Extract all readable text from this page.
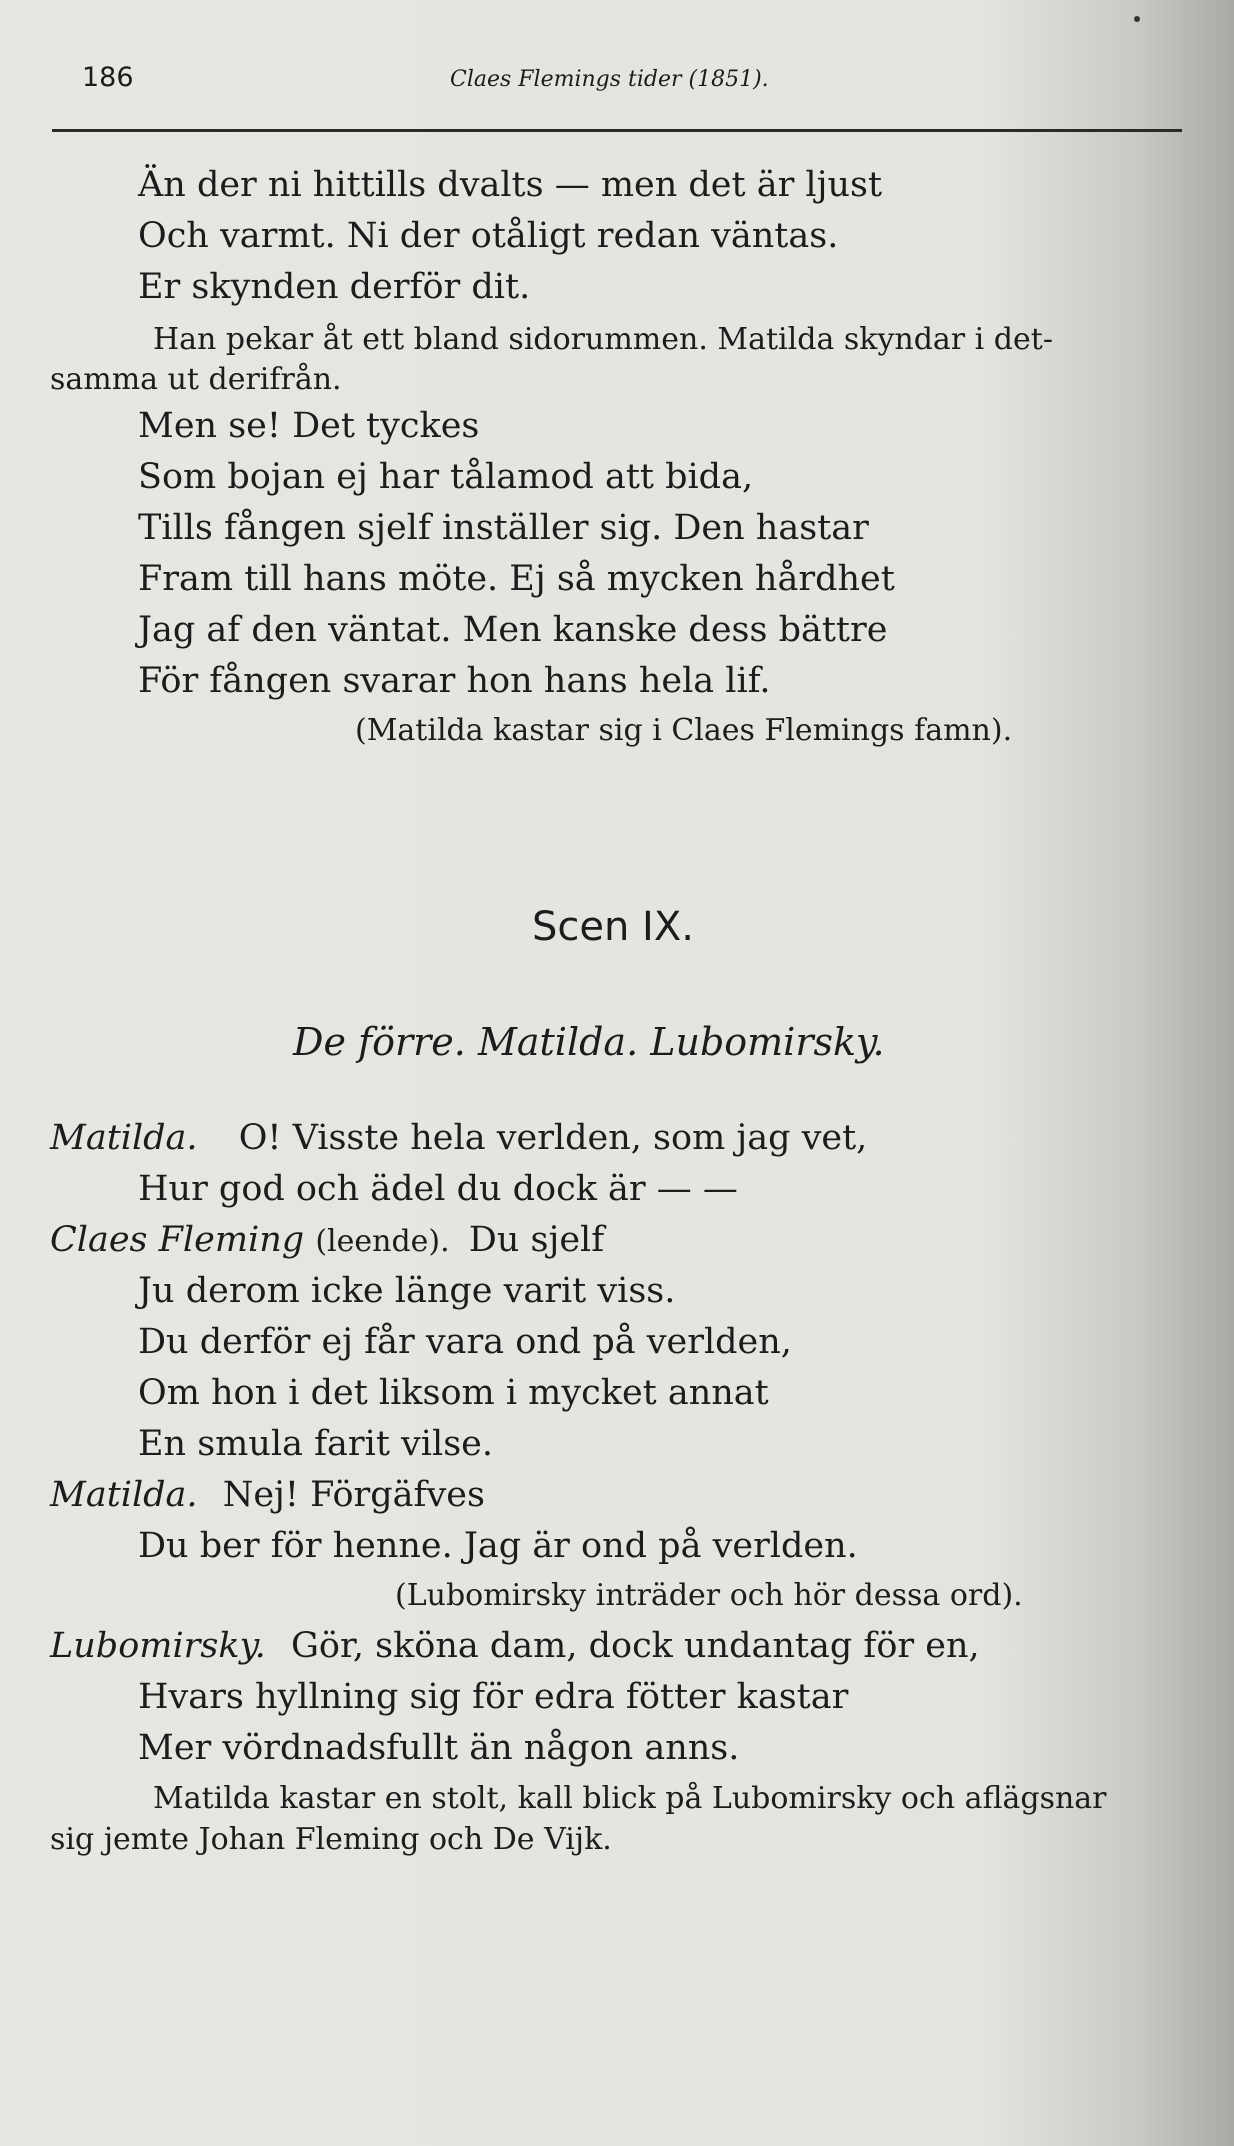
186	Claes Flemings tider (1851).
Än der ni hittills dvalts — men det är ljust
Och varmt. Ni der otåligt redan väntas.
Er skynden derför dit.
Han pekar åt ett bland sidorummen. Matilda skyndar i det-
samma ut derifrån.
Men se! Det tyckes
Som bojan ej har tålamod att bida,
Tills fången sjelf inställer sig. Den hastar
Fram till hans möte. Ej så mycken hårdhet
Jag af den väntat. Men kanske dess bättre
För fången svarar hon hans hela lif.
(Matilda kastar sig i Claes Flemings famn).
Scen IX.
De förre. Matilda. Lubomirsky.
Matilda. O! Visste hela verlden, som jag vet,
Hur god och ädel du dock är — —
Claes Fleming (leende). Du sjelf
Ju derom icke länge varit viss.
Du derför ej får vara ond på verlden,
Om hon i det liksom i mycket annat
En smula farit vilse.
Matilda. Nej! Förgäfves
Du ber för henne. Jag är ond på verlden.
(Lubomirsky inträder och hör dessa ord).
Lubomirsky. Gör, sköna dam, dock undantag för en,
Hvars hyllning sig för edra fötter kastar
Mer vördnadsfullt än någon anns.
Matilda kastar en stolt, kall blick på Lubomirsky och aflägsnar
sig jemte Johan Fleming och De Vijk.
